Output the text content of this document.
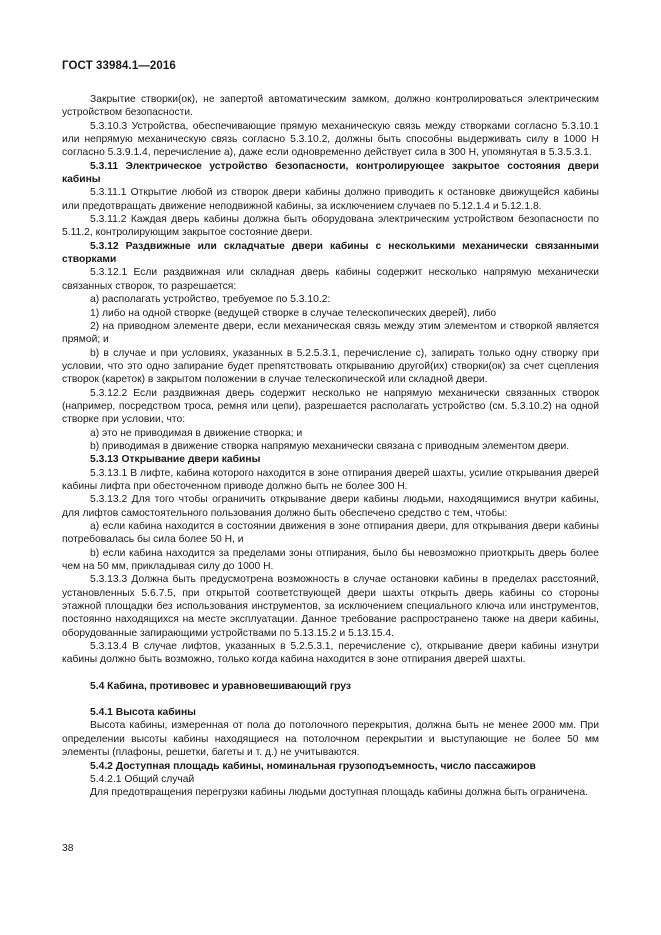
ГОСТ 33984.1—2016

Закрытие створки(ок), не запертой автоматическим замком, должно контролироваться электрическим устройством безопасности.

5.3.10.3 Устройства, обеспечивающие прямую механическую связь между створками согласно 5.3.10.1 или непрямую механическую связь согласно 5.3.10.2, должны быть способны выдерживать силу в 1000 Н согласно 5.3.9.1.4, перечисление a), даже если одновременно действует сила в 300 Н, упомянутая в 5.3.5.3.1.

5.3.11 Электрическое устройство безопасности, контролирующее закрытое состояния двери кабины

5.3.11.1 Открытие любой из створок двери кабины должно приводить к остановке движущейся кабины или предотвращать движение неподвижной кабины, за исключением случаев по 5.12.1.4 и 5.12.1.8.

5.3.11.2 Каждая дверь кабины должна быть оборудована электрическим устройством безопасности по 5.11.2, контролирующим закрытое состояние двери.

5.3.12 Раздвижные или складчатые двери кабины с несколькими механически связанными створками

5.3.12.1 Если раздвижная или складная дверь кабины содержит несколько напрямую механически связанных створок, то разрешается:

a) располагать устройство, требуемое по 5.3.10.2:

1) либо на одной створке (ведущей створке в случае телескопических дверей), либо

2) на приводном элементе двери, если механическая связь между этим элементом и створкой является прямой; и

b) в случае и при условиях, указанных в 5.2.5.3.1, перечисление с), запирать только одну створку при условии, что это одно запирание будет препятствовать открыванию другой(их) створки(ок) за счет сцепления створок (кареток) в закрытом положении в случае телескопической или складной двери.

5.3.12.2 Если раздвижная дверь содержит несколько не напрямую механически связанных створок (например, посредством троса, ремня или цепи), разрешается располагать устройство (см. 5.3.10.2) на одной створке при условии, что:

a) это не приводимая в движение створка; и

b) приводимая в движение створка напрямую механически связана с приводным элементом двери.

5.3.13 Открывание двери кабины

5.3.13.1 В лифте, кабина которого находится в зоне отпирания дверей шахты, усилие открывания дверей кабины лифта при обесточенном приводе должно быть не более 300 Н.

5.3.13.2 Для того чтобы ограничить открывание двери кабины людьми, находящимися внутри кабины, для лифтов самостоятельного пользования должно быть обеспечено средство с тем, чтобы:

a) если кабина находится в состоянии движения в зоне отпирания двери, для открывания двери кабины потребовалась бы сила более 50 Н, и

b) если кабина находится за пределами зоны отпирания, было бы невозможно приоткрыть дверь более чем на 50 мм, прикладывая силу до 1000 Н.

5.3.13.3 Должна быть предусмотрена возможность в случае остановки кабины в пределах расстояний, установленных 5.6.7.5, при открытой соответствующей двери шахты открыть дверь кабины со стороны этажной площадки без использования инструментов, за исключением специального ключа или инструментов, постоянно находящихся на месте эксплуатации. Данное требование распространено также на двери кабины, оборудованные запирающими устройствами по 5.13.15.2 и 5.13.15.4.

5.3.13.4 В случае лифтов, указанных в 5.2.5.3.1, перечисление с), открывание двери кабины изнутри кабины должно быть возможно, только когда кабина находится в зоне отпирания дверей шахты.

5.4 Кабина, противовес и уравновешивающий груз

5.4.1 Высота кабины

Высота кабины, измеренная от пола до потолочного перекрытия, должна быть не менее 2000 мм. При определении высоты кабины находящиеся на потолочном перекрытии и выступающие не более 50 мм элементы (плафоны, решетки, багеты и т. д.) не учитываются.

5.4.2 Доступная площадь кабины, номинальная грузоподъемность, число пассажиров

5.4.2.1 Общий случай

Для предотвращения перегрузки кабины людьми доступная площадь кабины должна быть ограничена.

38
